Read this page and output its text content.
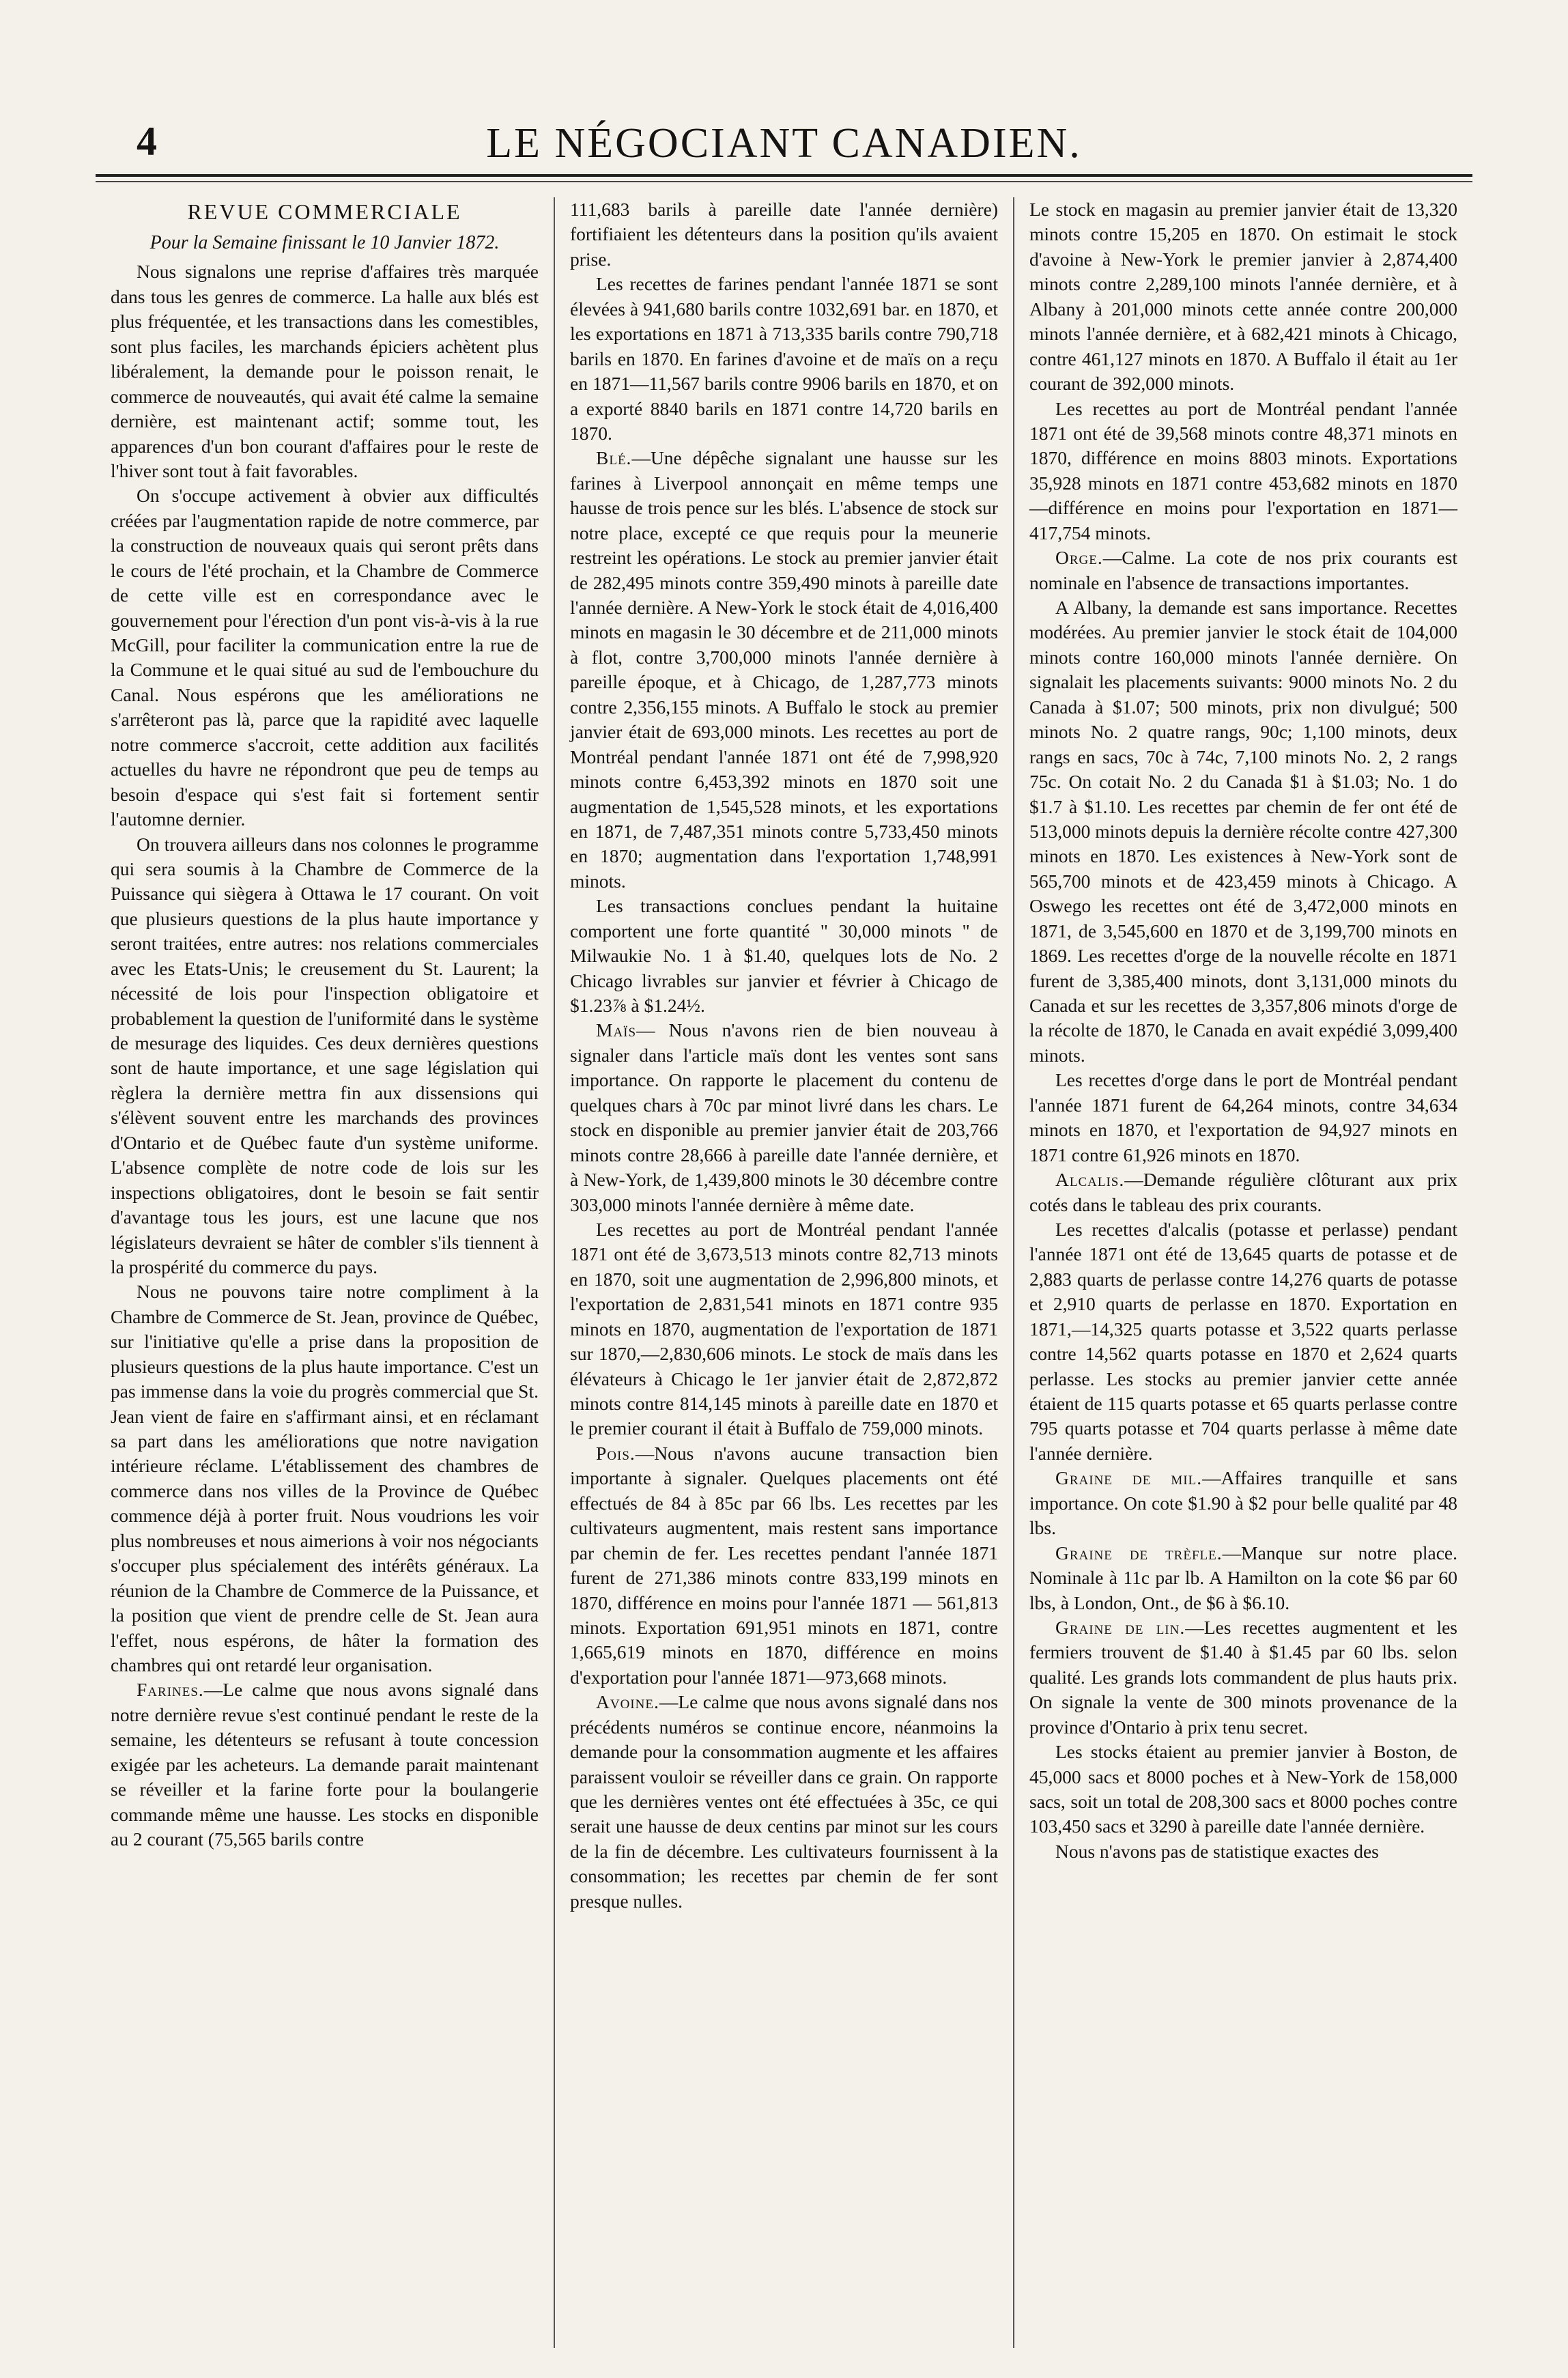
4	LE NÉGOCIANT CANADIEN.
REVUE COMMERCIALE
Pour la Semaine finissant le 10 Janvier 1872.

Nous signalons une reprise d'affaires très marquée dans tous les genres de commerce. La halle aux blés est plus fréquentée, et les transactions dans les comestibles, sont plus faciles, les marchands épiciers achètent plus libéralement, la demande pour le poisson renait, le commerce de nouveautés, qui avait été calme la semaine dernière, est maintenant actif; somme tout, les apparences d'un bon courant d'affaires pour le reste de l'hiver sont tout à fait favorables.

On s'occupe activement à obvier aux difficultés créées par l'augmentation rapide de notre commerce, par la construction de nouveaux quais qui seront prêts dans le cours de l'été prochain, et la Chambre de Commerce de cette ville est en correspondance avec le gouvernement pour l'érection d'un pont vis-à-vis à la rue McGill, pour faciliter la communication entre la rue de la Commune et le quai situé au sud de l'embouchure du Canal. Nous espérons que les améliorations ne s'arrêteront pas là, parce que la rapidité avec laquelle notre commerce s'accroit, cette addition aux facilités actuelles du havre ne répondront que peu de temps au besoin d'espace qui s'est fait si fortement sentir l'automne dernier.

On trouvera ailleurs dans nos colonnes le programme qui sera soumis à la Chambre de Commerce de la Puissance qui siègera à Ottawa le 17 courant. On voit que plusieurs questions de la plus haute importance y seront traitées, entre autres: nos relations commerciales avec les Etats-Unis; le creusement du St. Laurent; la nécessité de lois pour l'inspection obligatoire et probablement la question de l'uniformité dans le système de mesurage des liquides. Ces deux dernières questions sont de haute importance, et une sage législation qui règlera la dernière mettra fin aux dissensions qui s'élèvent souvent entre les marchands des provinces d'Ontario et de Québec faute d'un système uniforme. L'absence complète de notre code de lois sur les inspections obligatoires, dont le besoin se fait sentir d'avantage tous les jours, est une lacune que nos législateurs devraient se hâter de combler s'ils tiennent à la prospérité du commerce du pays.

Nous ne pouvons taire notre compliment à la Chambre de Commerce de St. Jean, province de Québec, sur l'initiative qu'elle a prise dans la proposition de plusieurs questions de la plus haute importance. C'est un pas immense dans la voie du progrès commercial que St. Jean vient de faire en s'affirmant ainsi, et en réclamant sa part dans les améliorations que notre navigation intérieure réclame. L'établissement des chambres de commerce dans nos villes de la Province de Québec commence déjà à porter fruit. Nous voudrions les voir plus nombreuses et nous aimerions à voir nos négociants s'occuper plus spécialement des intérêts généraux. La réunion de la Chambre de Commerce de la Puissance, et la position que vient de prendre celle de St. Jean aura l'effet, nous espérons, de hâter la formation des chambres qui ont retardé leur organisation.

Farines.—Le calme que nous avons signalé dans notre dernière revue s'est continué pendant le reste de la semaine, les détenteurs se refusant à toute concession exigée par les acheteurs. La demande parait maintenant se réveiller et la farine forte pour la boulangerie commande même une hausse. Les stocks en disponible au 2 courant (75,565 barils contre

111,683 barils à pareille date l'année dernière) fortifiaient les détenteurs dans la position qu'ils avaient prise.

Les recettes de farines pendant l'année 1871 se sont élevées à 941,680 barils contre 1032,691 bar. en 1870, et les exportations en 1871 à 713,335 barils contre 790,718 barils en 1870. En farines d'avoine et de maïs on a reçu en 1871—11,567 barils contre 9906 barils en 1870, et on a exporté 8840 barils en 1871 contre 14,720 barils en 1870.

Blé.—Une dépêche signalant une hausse sur les farines à Liverpool annonçait en même temps une hausse de trois pence sur les blés. L'absence de stock sur notre place, excepté ce que requis pour la meunerie restreint les opérations. Le stock au premier janvier était de 282,495 minots contre 359,490 minots à pareille date l'année dernière. A New-York le stock était de 4,016,400 minots en magasin le 30 décembre et de 211,000 minots à flot, contre 3,700,000 minots l'année dernière à pareille époque, et à Chicago, de 1,287,773 minots contre 2,356,155 minots. A Buffalo le stock au premier janvier était de 693,000 minots. Les recettes au port de Montréal pendant l'année 1871 ont été de 7,998,920 minots contre 6,453,392 minots en 1870 soit une augmentation de 1,545,528 minots, et les exportations en 1871, de 7,487,351 minots contre 5,733,450 minots en 1870; augmentation dans l'exportation 1,748,991 minots.

Les transactions conclues pendant la huitaine comportent une forte quantité " 30,000 minots " de Milwaukie No. 1 à $1.40, quelques lots de No. 2 Chicago livrables sur janvier et février à Chicago de $1.23⅞ à $1.24½.

Maïs— Nous n'avons rien de bien nouveau à signaler dans l'article maïs dont les ventes sont sans importance. On rapporte le placement du contenu de quelques chars à 70c par minot livré dans les chars. Le stock en disponible au premier janvier était de 203,766 minots contre 28,666 à pareille date l'année dernière, et à New-York, de 1,439,800 minots le 30 décembre contre 303,000 minots l'année dernière à même date.

Les recettes au port de Montréal pendant l'année 1871 ont été de 3,673,513 minots contre 82,713 minots en 1870, soit une augmentation de 2,996,800 minots, et l'exportation de 2,831,541 minots en 1871 contre 935 minots en 1870, augmentation de l'exportation de 1871 sur 1870,—2,830,606 minots. Le stock de maïs dans les élévateurs à Chicago le 1er janvier était de 2,872,872 minots contre 814,145 minots à pareille date en 1870 et le premier courant il était à Buffalo de 759,000 minots.

Pois.—Nous n'avons aucune transaction bien importante à signaler. Quelques placements ont été effectués de 84 à 85c par 66 lbs. Les recettes par les cultivateurs augmentent, mais restent sans importance par chemin de fer. Les recettes pendant l'année 1871 furent de 271,386 minots contre 833,199 minots en 1870, différence en moins pour l'année 1871 — 561,813 minots. Exportation 691,951 minots en 1871, contre 1,665,619 minots en 1870, différence en moins d'exportation pour l'année 1871—973,668 minots.

Avoine.—Le calme que nous avons signalé dans nos précédents numéros se continue encore, néanmoins la demande pour la consommation augmente et les affaires paraissent vouloir se réveiller dans ce grain. On rapporte que les dernières ventes ont été effectuées à 35c, ce qui serait une hausse de deux centins par minot sur les cours de la fin de décembre. Les cultivateurs fournissent à la consommation; les recettes par chemin de fer sont presque nulles.

Le stock en magasin au premier janvier était de 13,320 minots contre 15,205 en 1870. On estimait le stock d'avoine à New-York le premier janvier à 2,874,400 minots contre 2,289,100 minots l'année dernière, et à Albany à 201,000 minots cette année contre 200,000 minots l'année dernière, et à 682,421 minots à Chicago, contre 461,127 minots en 1870. A Buffalo il était au 1er courant de 392,000 minots.

Les recettes au port de Montréal pendant l'année 1871 ont été de 39,568 minots contre 48,371 minots en 1870, différence en moins 8803 minots. Exportations 35,928 minots en 1871 contre 453,682 minots en 1870—différence en moins pour l'exportation en 1871—417,754 minots.

Orge.—Calme. La cote de nos prix courants est nominale en l'absence de transactions importantes.

A Albany, la demande est sans importance. Recettes modérées. Au premier janvier le stock était de 104,000 minots contre 160,000 minots l'année dernière. On signalait les placements suivants: 9000 minots No. 2 du Canada à $1.07; 500 minots, prix non divulgué; 500 minots No. 2 quatre rangs, 90c; 1,100 minots, deux rangs en sacs, 70c à 74c, 7,100 minots No. 2, 2 rangs 75c. On cotait No. 2 du Canada $1 à $1.03; No. 1 do $1.7 à $1.10. Les recettes par chemin de fer ont été de 513,000 minots depuis la dernière récolte contre 427,300 minots en 1870. Les existences à New-York sont de 565,700 minots et de 423,459 minots à Chicago. A Oswego les recettes ont été de 3,472,000 minots en 1871, de 3,545,600 en 1870 et de 3,199,700 minots en 1869. Les recettes d'orge de la nouvelle récolte en 1871 furent de 3,385,400 minots, dont 3,131,000 minots du Canada et sur les recettes de 3,357,806 minots d'orge de la récolte de 1870, le Canada en avait expédié 3,099,400 minots.

Les recettes d'orge dans le port de Montréal pendant l'année 1871 furent de 64,264 minots, contre 34,634 minots en 1870, et l'exportation de 94,927 minots en 1871 contre 61,926 minots en 1870.

Alcalis.—Demande régulière clôturant aux prix cotés dans le tableau des prix courants.

Les recettes d'alcalis (potasse et perlasse) pendant l'année 1871 ont été de 13,645 quarts de potasse et de 2,883 quarts de perlasse contre 14,276 quarts de potasse et 2,910 quarts de perlasse en 1870. Exportation en 1871,—14,325 quarts potasse et 3,522 quarts perlasse contre 14,562 quarts potasse en 1870 et 2,624 quarts perlasse. Les stocks au premier janvier cette année étaient de 115 quarts potasse et 65 quarts perlasse contre 795 quarts potasse et 704 quarts perlasse à même date l'année dernière.

Graine de mil.—Affaires tranquille et sans importance. On cote $1.90 à $2 pour belle qualité par 48 lbs.

Graine de trèfle.—Manque sur notre place. Nominale à 11c par lb. A Hamilton on la cote $6 par 60 lbs, à London, Ont., de $6 à $6.10.

Graine de lin.—Les recettes augmentent et les fermiers trouvent de $1.40 à $1.45 par 60 lbs. selon qualité. Les grands lots commandent de plus hauts prix. On signale la vente de 300 minots provenance de la province d'Ontario à prix tenu secret.

Les stocks étaient au premier janvier à Boston, de 45,000 sacs et 8000 poches et à New-York de 158,000 sacs, soit un total de 208,300 sacs et 8000 poches contre 103,450 sacs et 3290 à pareille date l'année dernière.

Nous n'avons pas de statistique exactes des
